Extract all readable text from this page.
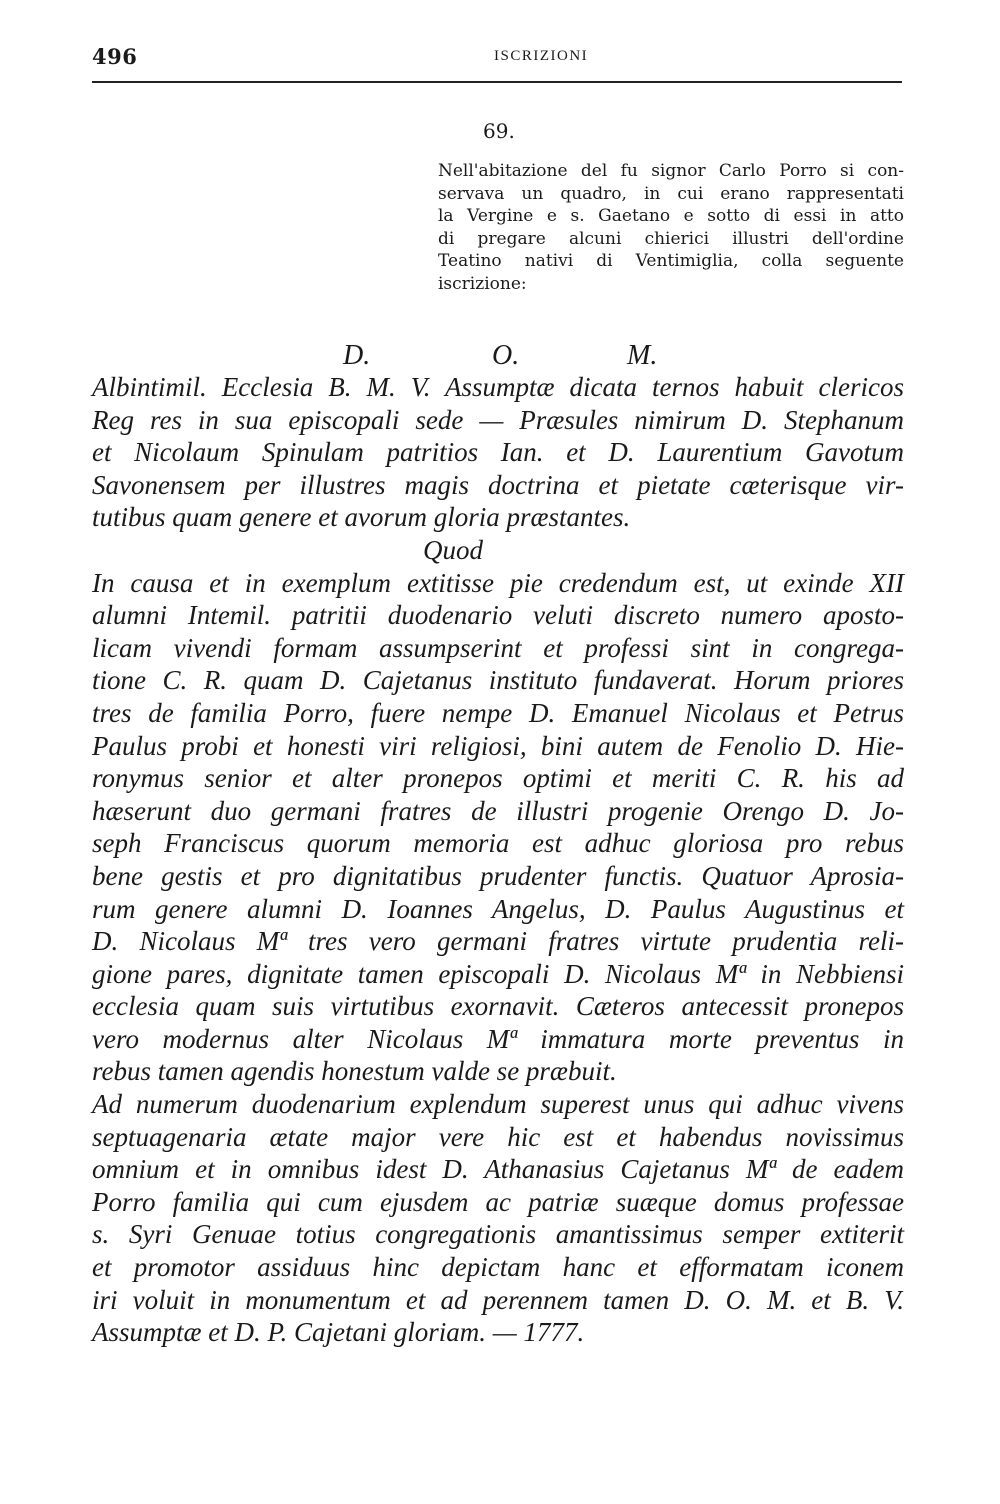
496	ISCRIZIONI
69.
Nell'abitazione del fu signor Carlo Porro si con-
servava un quadro, in cui erano rappresentati
la Vergine e s. Gaetano e sotto di essi in atto
di pregare alcuni chierici illustri dell'ordine
Teatino nativi di Ventimiglia, colla seguente
iscrizione:
D.	O.	M.
Albintimil. Ecclesia B. M. V. Assumptæ dicata ternos habuit clericos
Reg res in sua episcopali sede — Præsules nimirum D. Stephanum
et Nicolaum Spinulam patritios Ian. et D. Laurentium Gavotum
Savonensem per illustres magis doctrina et pietate cæterisque vir-
tutibus quam genere et avorum gloria præstantes.
Quod
In causa et in exemplum extitisse pie credendum est, ut exinde XII
alumni Intemil. patritii duodenario veluti discreto numero aposto-
licam vivendi formam assumpserint et professi sint in congrega-
tione C. R. quam D. Cajetanus instituto fundaverat. Horum priores
tres de familia Porro, fuere nempe D. Emanuel Nicolaus et Petrus
Paulus probi et honesti viri religiosi, bini autem de Fenolio D. Hie-
ronymus senior et alter pronepos optimi et meriti C. R. his ad
hæserunt duo germani fratres de illustri progenie Orengo D. Jo-
seph Franciscus quorum memoria est adhuc gloriosa pro rebus
bene gestis et pro dignitatibus prudenter functis. Quatuor Aprosia-
rum genere alumni D. Ioannes Angelus, D. Paulus Augustinus et
D. Nicolaus Mª tres vero germani fratres virtute prudentia reli-
gione pares, dignitate tamen episcopali D. Nicolaus Mª in Nebbiensi
ecclesia quam suis virtutibus exornavit. Cæteros antecessit pronepos
vero modernus alter Nicolaus Mª immatura morte preventus in
rebus tamen agendis honestum valde se præbuit.
Ad numerum duodenarium explendum superest unus qui adhuc vivens
septuagenaria ætate major vere hic est et habendus novissimus
omnium et in omnibus idest D. Athanasius Cajetanus Mª de eadem
Porro familia qui cum ejusdem ac patriæ suæque domus professae
s. Syri Genuae totius congregationis amantissimus semper extiterit
et promotor assiduus hinc depictam hanc et efformatam iconem
iri voluit in monumentum et ad perennem tamen D. O. M. et B. V.
Assumptæ et D. P. Cajetani gloriam. — 1777.
